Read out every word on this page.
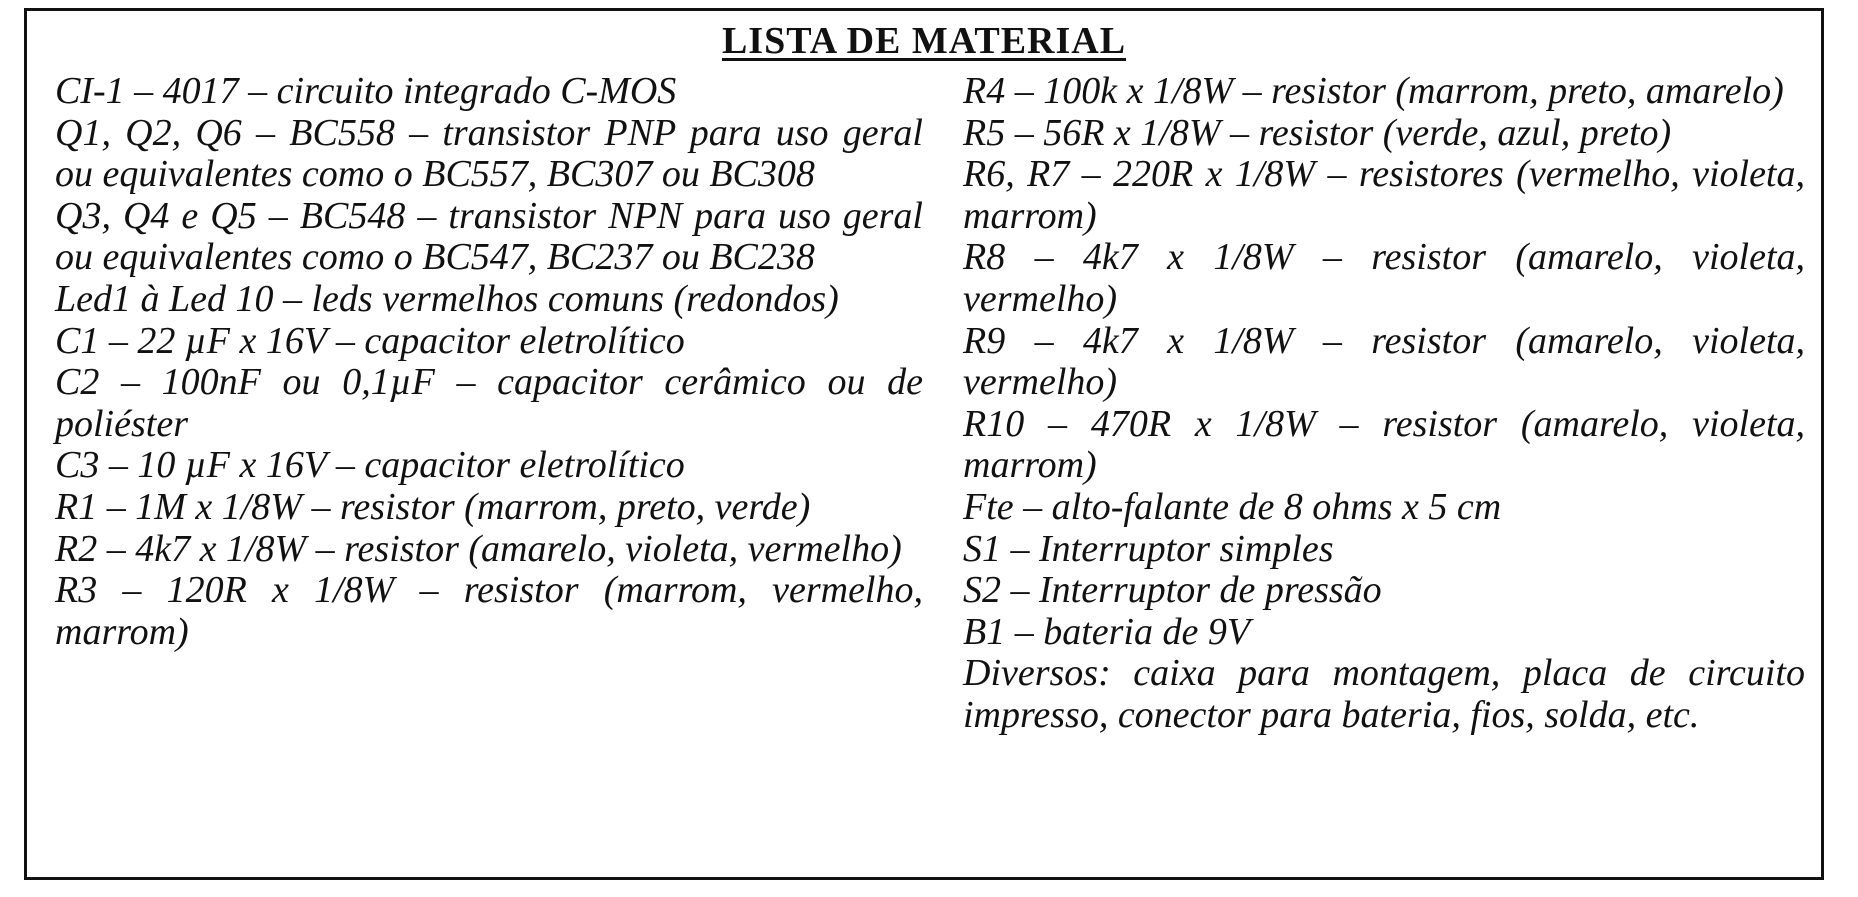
LISTA DE MATERIAL

CI-1 – 4017 – circuito integrado C-MOS

Q1, Q2, Q6 – BC558 – transistor PNP para uso geral ou equivalentes como o BC557, BC307 ou BC308

Q3, Q4 e Q5 – BC548 – transistor NPN para uso geral ou equivalentes como o BC547, BC237 ou BC238

Led1 à Led 10 – leds vermelhos comuns (redondos)

C1 – 22 µF x 16V – capacitor eletrolítico

C2 – 100nF ou 0,1µF – capacitor cerâmico ou de poliéster

C3 – 10 µF x 16V – capacitor eletrolítico

R1 – 1M x 1/8W – resistor (marrom, preto, verde)

R2 – 4k7 x 1/8W – resistor (amarelo, violeta, vermelho)

R3 – 120R x 1/8W – resistor (marrom, vermelho, marrom)

R4 – 100k x 1/8W – resistor (marrom, preto, amarelo)

R5 – 56R x 1/8W – resistor (verde, azul, preto)

R6, R7 – 220R x 1/8W – resistores (vermelho, violeta, marrom)

R8 – 4k7 x 1/8W – resistor (amarelo, violeta, vermelho)

R9 – 4k7 x 1/8W – resistor (amarelo, violeta, vermelho)

R10 – 470R x 1/8W – resistor (amarelo, violeta, marrom)

Fte – alto-falante de 8 ohms x 5 cm

S1 – Interruptor simples

S2 – Interruptor de pressão

B1 – bateria de 9V

Diversos: caixa para montagem, placa de circuito impresso, conector para bateria, fios, solda, etc.
